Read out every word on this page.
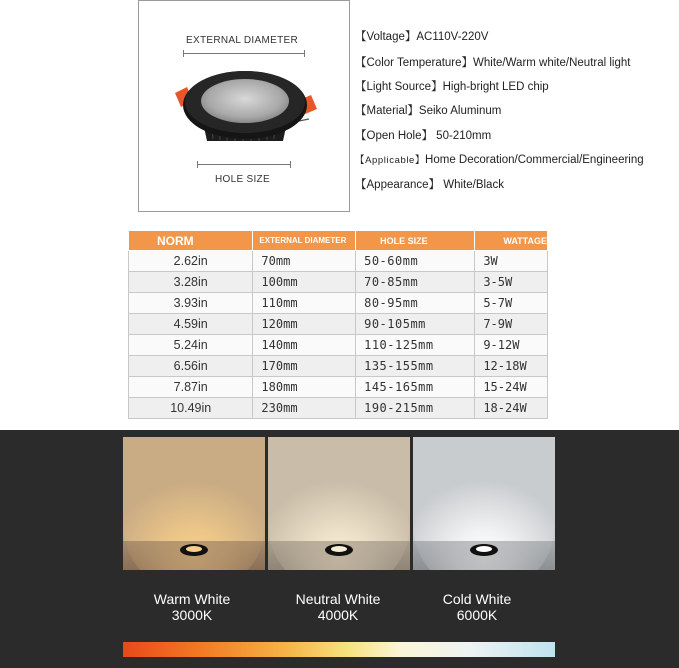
EXTERNAL DIAMETER
HOLE SIZE
【Voltage】AC110V-220V
【Color Temperature】White/Warm white/Neutral light
【Light Source】High-bright LED chip
【Material】Seiko Aluminum
【Open Hole】 50-210mm
【Applicable】Home Decoration/Commercial/Engineering
【Appearance】 White/Black
NORM	EXTERNAL DIAMETER	HOLE SIZE	WATTAGE
2.62in	70mm	50-60mm	3W
3.28in	100mm	70-85mm	3-5W
3.93in	110mm	80-95mm	5-7W
4.59in	120mm	90-105mm	7-9W
5.24in	140mm	110-125mm	9-12W
6.56in	170mm	135-155mm	12-18W
7.87in	180mm	145-165mm	15-24W
10.49in	230mm	190-215mm	18-24W
Warm White
3000K
Neutral White
4000K
Cold White
6000K
